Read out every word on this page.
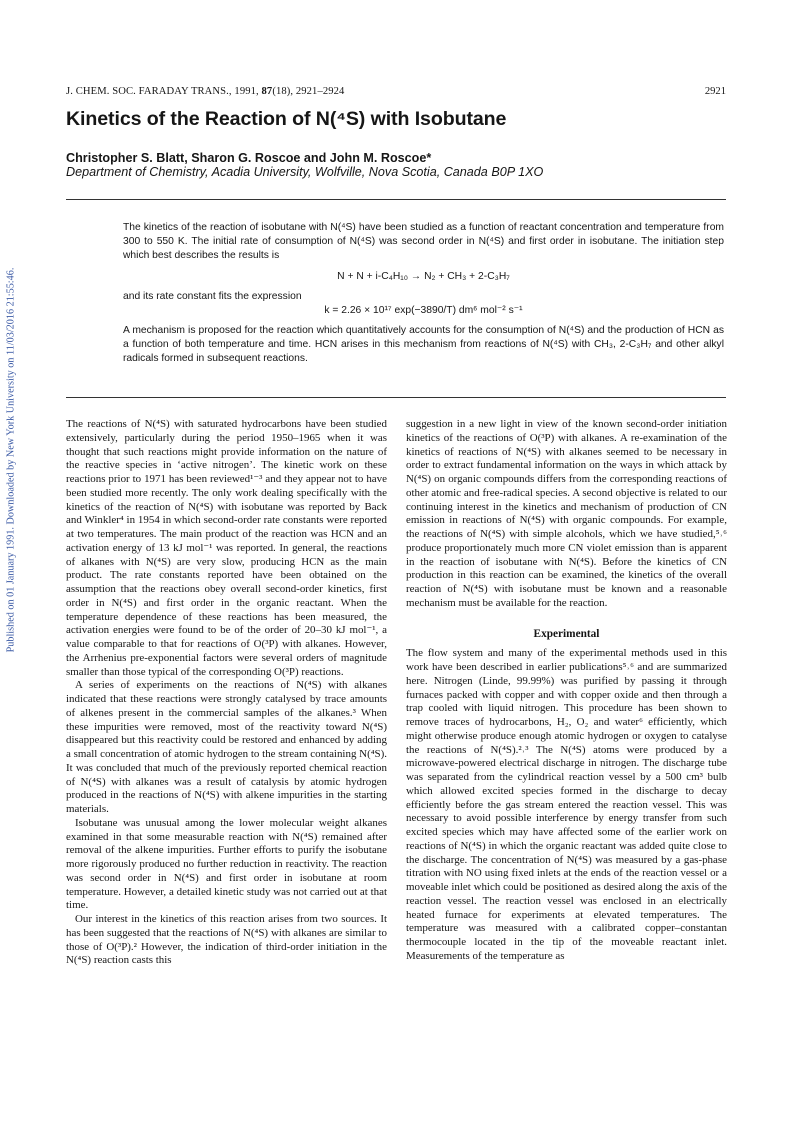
Published on 01 January 1991. Downloaded by New York University on 11/03/2016 21:55:46.
J. CHEM. SOC. FARADAY TRANS., 1991, 87(18), 2921–2924	2921
Kinetics of the Reaction of N(⁴S) with Isobutane
Christopher S. Blatt, Sharon G. Roscoe and John M. Roscoe*
Department of Chemistry, Acadia University, Wolfville, Nova Scotia, Canada B0P 1XO

The kinetics of the reaction of isobutane with N(⁴S) have been studied as a function of reactant concentration and temperature from 300 to 550 K. The initial rate of consumption of N(⁴S) was second order in N(⁴S) and first order in isobutane. The initiation step which best describes the results is

N + N + i-C₄H₁₀ → N₂ + CH₃ + 2-C₃H₇

and its rate constant fits the expression

k = 2.26 × 10¹⁷ exp(−3890/T) dm⁶ mol⁻² s⁻¹

A mechanism is proposed for the reaction which quantitatively accounts for the consumption of N(⁴S) and the production of HCN as a function of both temperature and time. HCN arises in this mechanism from reactions of N(⁴S) with CH₃, 2-C₃H₇ and other alkyl radicals formed in subsequent reactions.

The reactions of N(⁴S) with saturated hydrocarbons have been studied extensively, particularly during the period 1950–1965 when it was thought that such reactions might provide information on the nature of the reactive species in ‘active nitrogen’. The kinetic work on these reactions prior to 1971 has been reviewed¹⁻³ and they appear not to have been studied more recently. The only work dealing specifically with the kinetics of the reaction of N(⁴S) with isobutane was reported by Back and Winkler⁴ in 1954 in which second-order rate constants were reported at two temperatures. The main product of the reaction was HCN and an activation energy of 13 kJ mol⁻¹ was reported. In general, the reactions of alkanes with N(⁴S) are very slow, producing HCN as the main product. The rate constants reported have been obtained on the assumption that the reactions obey overall second-order kinetics, first order in N(⁴S) and first order in the organic reactant. When the temperature dependence of these reactions has been measured, the activation energies were found to be of the order of 20–30 kJ mol⁻¹, a value comparable to that for reactions of O(³P) with alkanes. However, the Arrhenius pre-exponential factors were several orders of magnitude smaller than those typical of the corresponding O(³P) reactions.

A series of experiments on the reactions of N(⁴S) with alkanes indicated that these reactions were strongly catalysed by trace amounts of alkenes present in the commercial samples of the alkanes.³ When these impurities were removed, most of the reactivity toward N(⁴S) disappeared but this reactivity could be restored and enhanced by adding a small concentration of atomic hydrogen to the stream containing N(⁴S). It was concluded that much of the previously reported chemical reaction of N(⁴S) with alkanes was a result of catalysis by atomic hydrogen produced in the reactions of N(⁴S) with alkene impurities in the starting materials.

Isobutane was unusual among the lower molecular weight alkanes examined in that some measurable reaction with N(⁴S) remained after removal of the alkene impurities. Further efforts to purify the isobutane more rigorously produced no further reduction in reactivity. The reaction was second order in N(⁴S) and first order in isobutane at room temperature. However, a detailed kinetic study was not carried out at that time.

Our interest in the kinetics of this reaction arises from two sources. It has been suggested that the reactions of N(⁴S) with alkanes are similar to those of O(³P).² However, the indication of third-order initiation in the N(⁴S) reaction casts this

suggestion in a new light in view of the known second-order initiation kinetics of the reactions of O(³P) with alkanes. A re-examination of the kinetics of reactions of N(⁴S) with alkanes seemed to be necessary in order to extract fundamental information on the ways in which attack by N(⁴S) on organic compounds differs from the corresponding reactions of other atomic and free-radical species. A second objective is related to our continuing interest in the kinetics and mechanism of production of CN emission in reactions of N(⁴S) with organic compounds. For example, the reactions of N(⁴S) with simple alcohols, which we have studied,⁵˒⁶ produce proportionately much more CN violet emission than is apparent in the reaction of isobutane with N(⁴S). Before the kinetics of CN production in this reaction can be examined, the kinetics of the overall reaction of N(⁴S) with isobutane must be known and a reasonable mechanism must be available for the reaction.

Experimental

The flow system and many of the experimental methods used in this work have been described in earlier publications⁵˒⁶ and are summarized here. Nitrogen (Linde, 99.99%) was purified by passing it through furnaces packed with copper and with copper oxide and then through a trap cooled with liquid nitrogen. This procedure has been shown to remove traces of hydrocarbons, H₂, O₂ and water⁶ efficiently, which might otherwise produce enough atomic hydrogen or oxygen to catalyse the reactions of N(⁴S).²˒³ The N(⁴S) atoms were produced by a microwave-powered electrical discharge in nitrogen. The discharge tube was separated from the cylindrical reaction vessel by a 500 cm³ bulb which allowed excited species formed in the discharge to decay efficiently before the gas stream entered the reaction vessel. This was necessary to avoid possible interference by energy transfer from such excited species which may have affected some of the earlier work on reactions of N(⁴S) in which the organic reactant was added quite close to the discharge. The concentration of N(⁴S) was measured by a gas-phase titration with NO using fixed inlets at the ends of the reaction vessel or a moveable inlet which could be positioned as desired along the axis of the reaction vessel. The reaction vessel was enclosed in an electrically heated furnace for experiments at elevated temperatures. The temperature was measured with a calibrated copper–constantan thermocouple located in the tip of the moveable reactant inlet. Measurements of the temperature as
